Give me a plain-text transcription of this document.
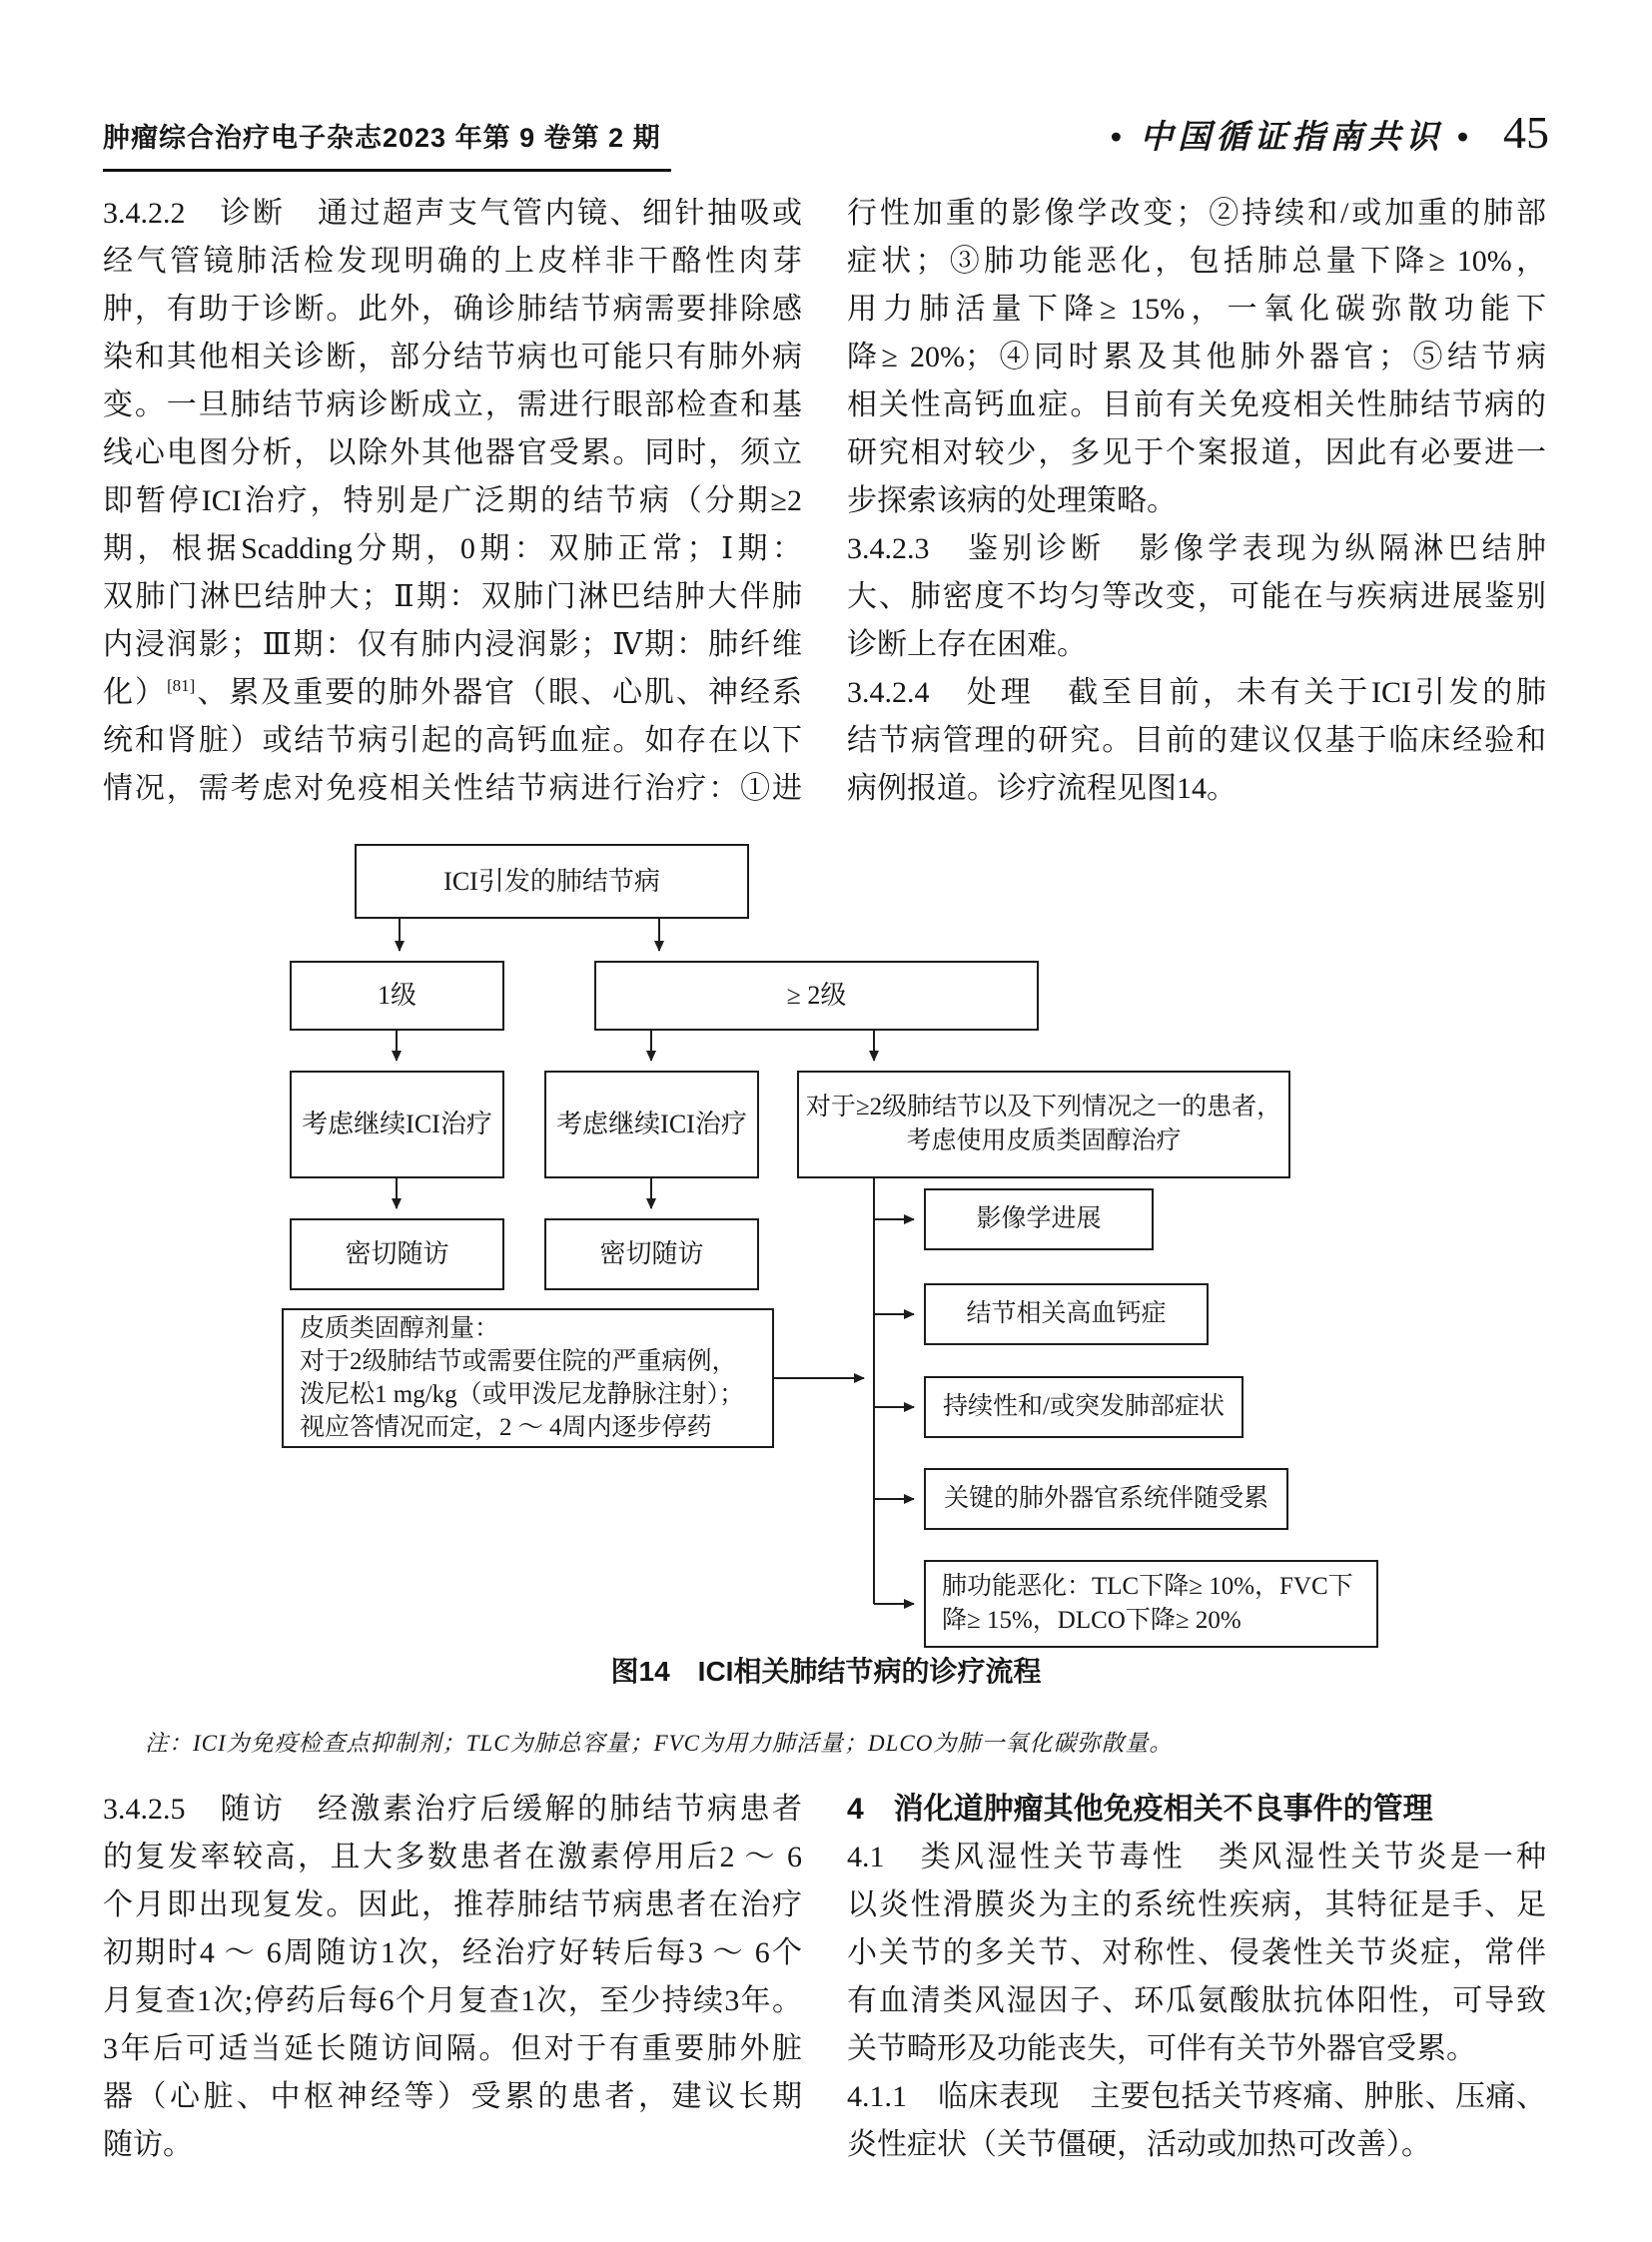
肿瘤综合治疗电子杂志2023 年第 9 卷第 2 期	• 中国循证指南共识 • 45
3.4.2.2　诊断　通过超声支气管内镜、细针抽吸或
经气管镜肺活检发现明确的上皮样非干酪性肉芽
肿，有助于诊断。此外，确诊肺结节病需要排除感
染和其他相关诊断，部分结节病也可能只有肺外病
变。一旦肺结节病诊断成立，需进行眼部检查和基
线心电图分析，以除外其他器官受累。同时，须立
即暂停ICI治疗，特别是广泛期的结节病（分期≥2
期，根据Scadding分期，0期：双肺正常；Ⅰ期：
双肺门淋巴结肿大；Ⅱ期：双肺门淋巴结肿大伴肺
内浸润影；Ⅲ期：仅有肺内浸润影；Ⅳ期：肺纤维
化）[81]、累及重要的肺外器官（眼、心肌、神经系
统和肾脏）或结节病引起的高钙血症。如存在以下
情况，需考虑对免疫相关性结节病进行治疗：①进
行性加重的影像学改变；②持续和/或加重的肺部
症状；③肺功能恶化，包括肺总量下降≥ 10%，
用力肺活量下降≥ 15%，一氧化碳弥散功能下
降≥ 20%；④同时累及其他肺外器官；⑤结节病
相关性高钙血症。目前有关免疫相关性肺结节病的
研究相对较少，多见于个案报道，因此有必要进一
步探索该病的处理策略。
3.4.2.3　鉴别诊断　影像学表现为纵隔淋巴结肿
大、肺密度不均匀等改变，可能在与疾病进展鉴别
诊断上存在困难。
3.4.2.4　处理　截至目前，未有关于ICI引发的肺
结节病管理的研究。目前的建议仅基于临床经验和
病例报道。诊疗流程见图14。
ICI引发的肺结节病
1级	≥ 2级
考虑继续ICI治疗	考虑继续ICI治疗
对于≥2级肺结节以及下列情况之一的患者，
考虑使用皮质类固醇治疗
密切随访	密切随访
影像学进展
结节相关高血钙症
持续性和/或突发肺部症状
关键的肺外器官系统伴随受累
肺功能恶化：TLC下降≥ 10%，FVC下
降≥ 15%，DLCO下降≥ 20%
皮质类固醇剂量：
对于2级肺结节或需要住院的严重病例，
泼尼松1 mg/kg（或甲泼尼龙静脉注射）；
视应答情况而定，2 ～ 4周内逐步停药
图14　ICI相关肺结节病的诊疗流程
注：ICI为免疫检查点抑制剂；TLC为肺总容量；FVC为用力肺活量；DLCO为肺一氧化碳弥散量。
3.4.2.5　随访　经激素治疗后缓解的肺结节病患者
的复发率较高，且大多数患者在激素停用后2 ～ 6
个月即出现复发。因此，推荐肺结节病患者在治疗
初期时4 ～ 6周随访1次，经治疗好转后每3 ～ 6个
月复查1次;停药后每6个月复查1次，至少持续3年。
3年后可适当延长随访间隔。但对于有重要肺外脏
器（心脏、中枢神经等）受累的患者，建议长期
随访。
4　消化道肿瘤其他免疫相关不良事件的管理
4.1　类风湿性关节毒性　类风湿性关节炎是一种
以炎性滑膜炎为主的系统性疾病，其特征是手、足
小关节的多关节、对称性、侵袭性关节炎症，常伴
有血清类风湿因子、环瓜氨酸肽抗体阳性，可导致
关节畸形及功能丧失，可伴有关节外器官受累。
4.1.1　临床表现　主要包括关节疼痛、肿胀、压痛、
炎性症状（关节僵硬，活动或加热可改善）。
